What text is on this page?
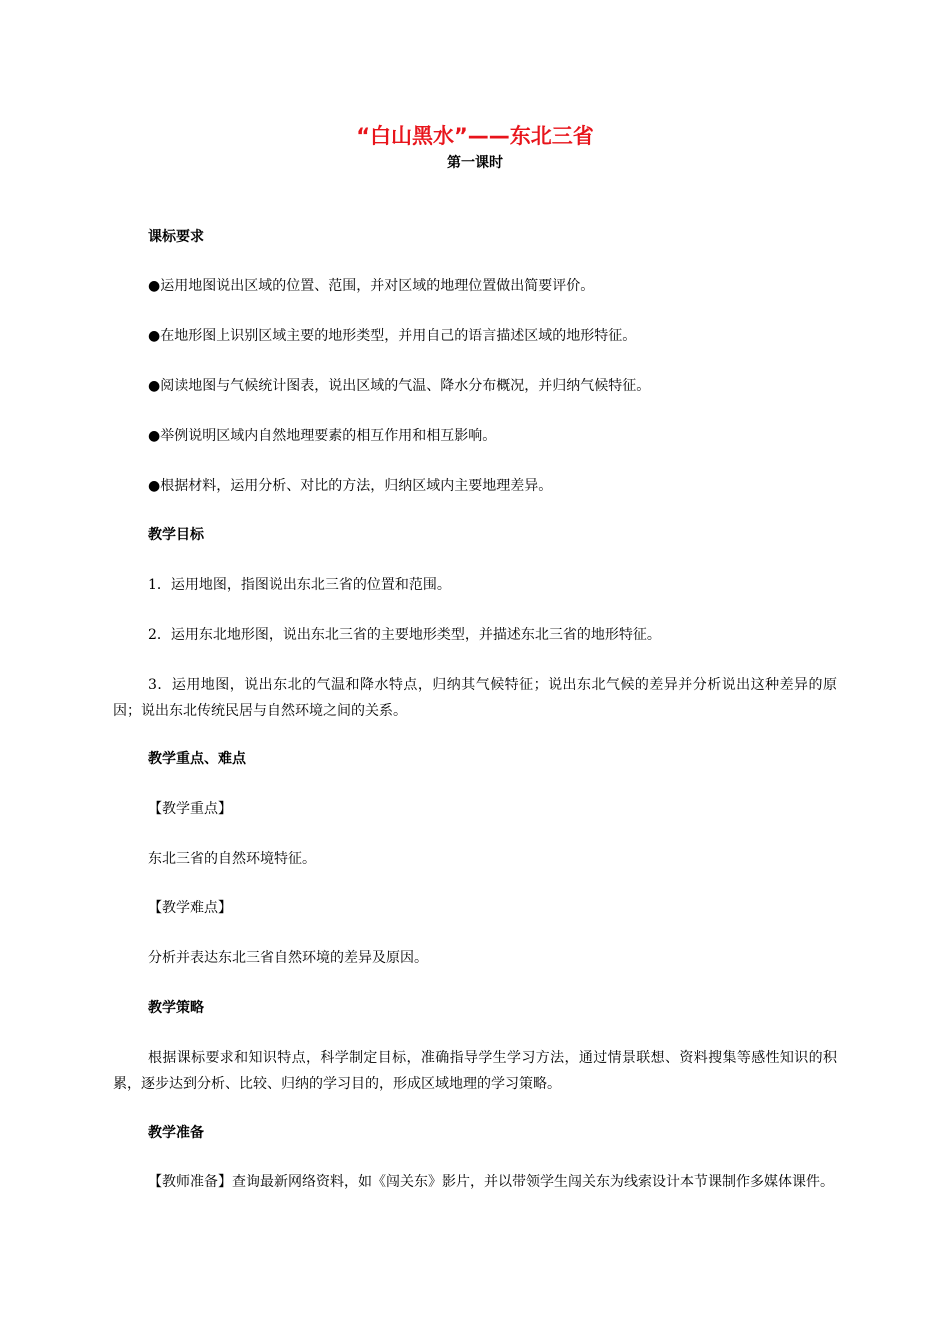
“白山黑水”——东北三省
第一课时
课标要求
●运用地图说出区域的位置、范围，并对区域的地理位置做出简要评价。
●在地形图上识别区域主要的地形类型，并用自己的语言描述区域的地形特征。
●阅读地图与气候统计图表，说出区域的气温、降水分布概况，并归纳气候特征。
●举例说明区域内自然地理要素的相互作用和相互影响。
●根据材料，运用分析、对比的方法，归纳区域内主要地理差异。
教学目标
1．运用地图，指图说出东北三省的位置和范围。
2．运用东北地形图，说出东北三省的主要地形类型，并描述东北三省的地形特征。
3．运用地图，说出东北的气温和降水特点，归纳其气候特征；说出东北气候的差异并分析说出这种差异的原因；说出东北传统民居与自然环境之间的关系。
教学重点、难点
【教学重点】
东北三省的自然环境特征。
【教学难点】
分析并表达东北三省自然环境的差异及原因。
教学策略
根据课标要求和知识特点，科学制定目标，准确指导学生学习方法，通过情景联想、资料搜集等感性知识的积累，逐步达到分析、比较、归纳的学习目的，形成区域地理的学习策略。
教学准备
【教师准备】查询最新网络资料，如《闯关东》影片，并以带领学生闯关东为线索设计本节课制作多媒体课件。
